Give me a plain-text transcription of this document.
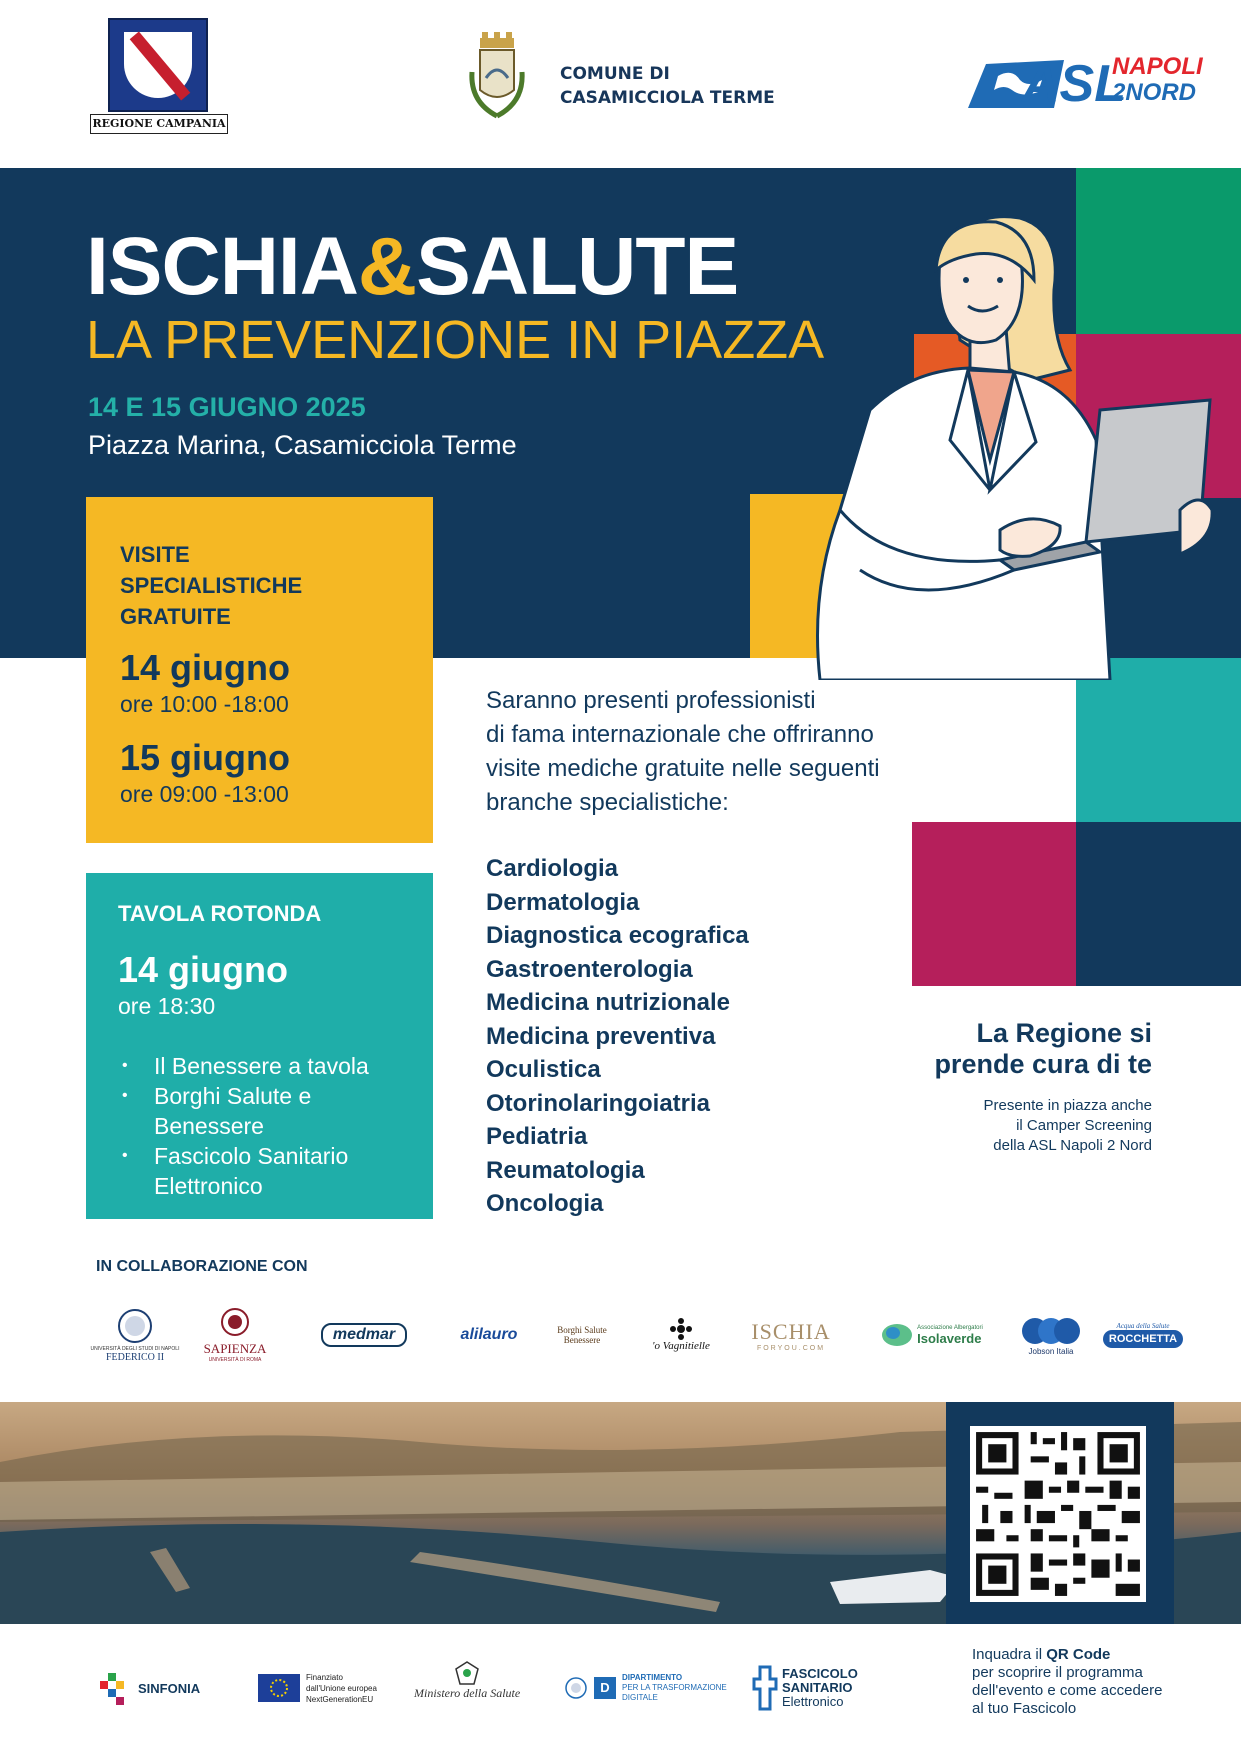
REGIONE CAMPANIA
COMUNE DI
CASAMICCIOLA TERME	ASL
NAPOLI
2NORD
ISCHIA&SALUTE
LA PREVENZIONE IN PIAZZA
14 E 15 GIUGNO 2025
Piazza Marina, Casamicciola Terme
VISITE
SPECIALISTICHE
GRATUITE
14 giugno
ore 10:00 -18:00
15 giugno
ore 09:00 -13:00
TAVOLA ROTONDA
14 giugno
ore 18:30
• Il Benessere a tavola
• Borghi Salute e Benessere
• Fascicolo Sanitario Elettronico
Saranno presenti professionisti
di fama internazionale che offriranno
visite mediche gratuite nelle seguenti
branche specialistiche:
Cardiologia
Dermatologia
Diagnostica ecografica
Gastroenterologia
Medicina nutrizionale
Medicina preventiva
Oculistica
Otorinolaringoiatria
Pediatria
Reumatologia
Oncologia
La Regione si
prende cura di te
Presente in piazza anche
il Camper Screening
della ASL Napoli 2 Nord
IN COLLABORAZIONE CON
UNIVERSITÀ DEGLI STUDI DI NAPOLI
FEDERICO II
SAPIENZA
UNIVERSITÀ DI ROMA
medmar	alilauro	Borghi Salute Benessere	'o Vagnitielle
ISCHIA
FORYOU.COM
Associazione Albergatori
Isolaverde
Jobson Italia
Acqua della Salute
ROCCHETTA
SINFONIA
Finanziato
dall'Unione europea
NextGenerationEU	Ministero della Salute	D
DIPARTIMENTO
PER LA TRASFORMAZIONE
DIGITALE
FASCICOLO
SANITARIO
Elettronico
Inquadra il QR Code
per scoprire il programma
dell'evento e come accedere
al tuo Fascicolo
